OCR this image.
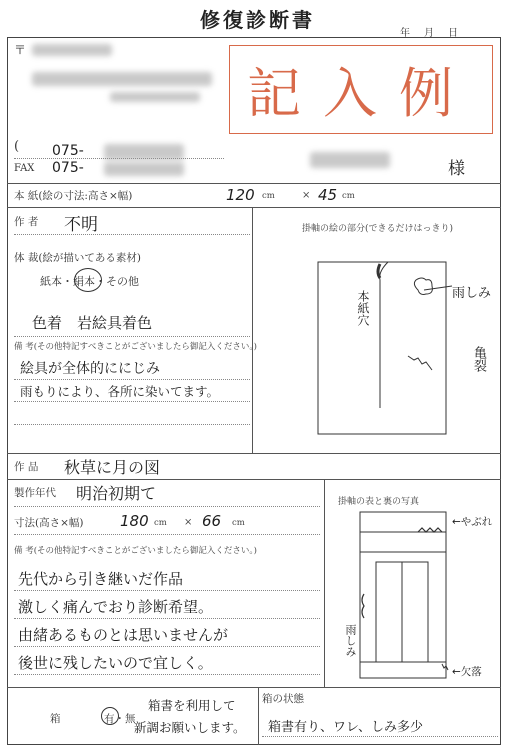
修復診断書
年　月　日
〒
記入例
( 075-
FAX 075-	様
本 紙(絵の寸法:高さ×幅)	120 cm	× 45 cm
作 者 不明
体 裁(絵が描いてある素材)
紙本・絹本・その他
色着　岩絵具着色
備 考(その他特記すべきことがございましたら御記入ください。)
絵具が全体的ににじみ
雨もりにより、各所に染いてます。
掛軸の絵の部分(できるだけはっきり)
雨しみ
本紙穴
亀裂
作 品 秋草に月の図
製作年代 明治初期て
寸法(高さ×幅) 180 cm × 66 cm
備 考(その他特記すべきことがございましたら御記入ください。)
先代から引き継いだ作品
激しく痛んでおり診断希望。
由緒あるものとは思いませんが
後世に残したいので宜しく。
掛軸の表と裏の写真
←やぶれ
雨しみ
←欠落
箱	有・無
箱書を利用して
新調お願いします。
箱の状態
箱書有り、ワレ、しみ多少
